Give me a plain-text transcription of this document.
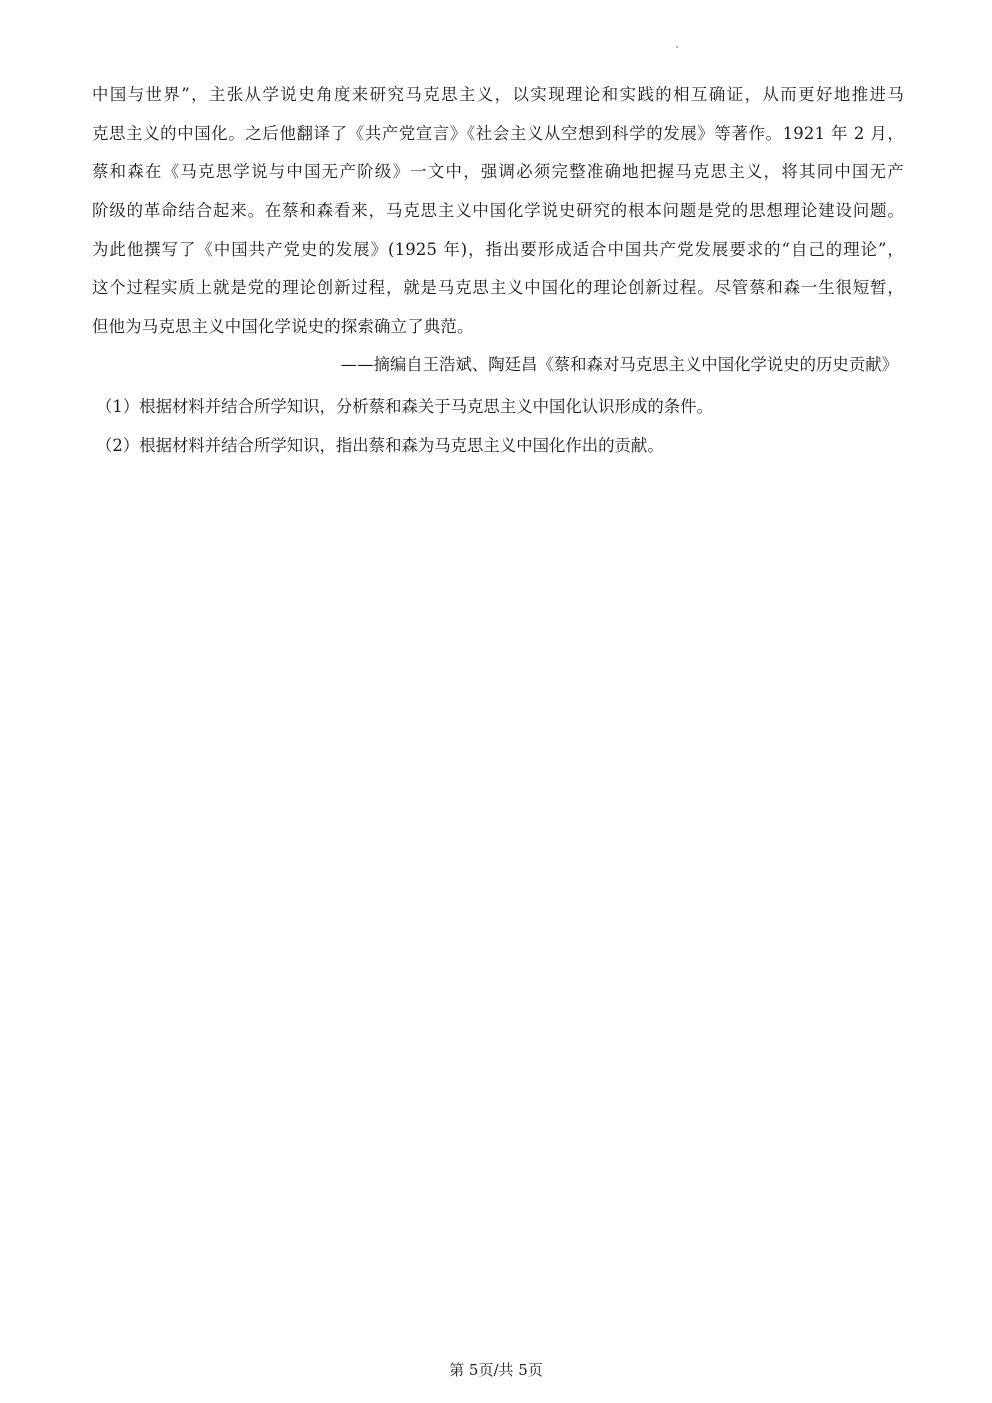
中国与世界”，主张从学说史角度来研究马克思主义，以实现理论和实践的相互确证，从而更好地推进马
克思主义的中国化。之后他翻译了《共产党宣言》《社会主义从空想到科学的发展》等著作。1921 年 2 月，
蔡和森在《马克思学说与中国无产阶级》一文中，强调必须完整准确地把握马克思主义，将其同中国无产
阶级的革命结合起来。在蔡和森看来，马克思主义中国化学说史研究的根本问题是党的思想理论建设问题。
为此他撰写了《中国共产党史的发展》(1925 年)，指出要形成适合中国共产党发展要求的“自己的理论”，
这个过程实质上就是党的理论创新过程，就是马克思主义中国化的理论创新过程。尽管蔡和森一生很短暂，
但他为马克思主义中国化学说史的探索确立了典范。
——摘编自王浩斌、陶廷昌《蔡和森对马克思主义中国化学说史的历史贡献》
（1）根据材料并结合所学知识，分析蔡和森关于马克思主义中国化认识形成的条件。
（2）根据材料并结合所学知识，指出蔡和森为马克思主义中国化作出的贡献。
第 5页/共 5页
